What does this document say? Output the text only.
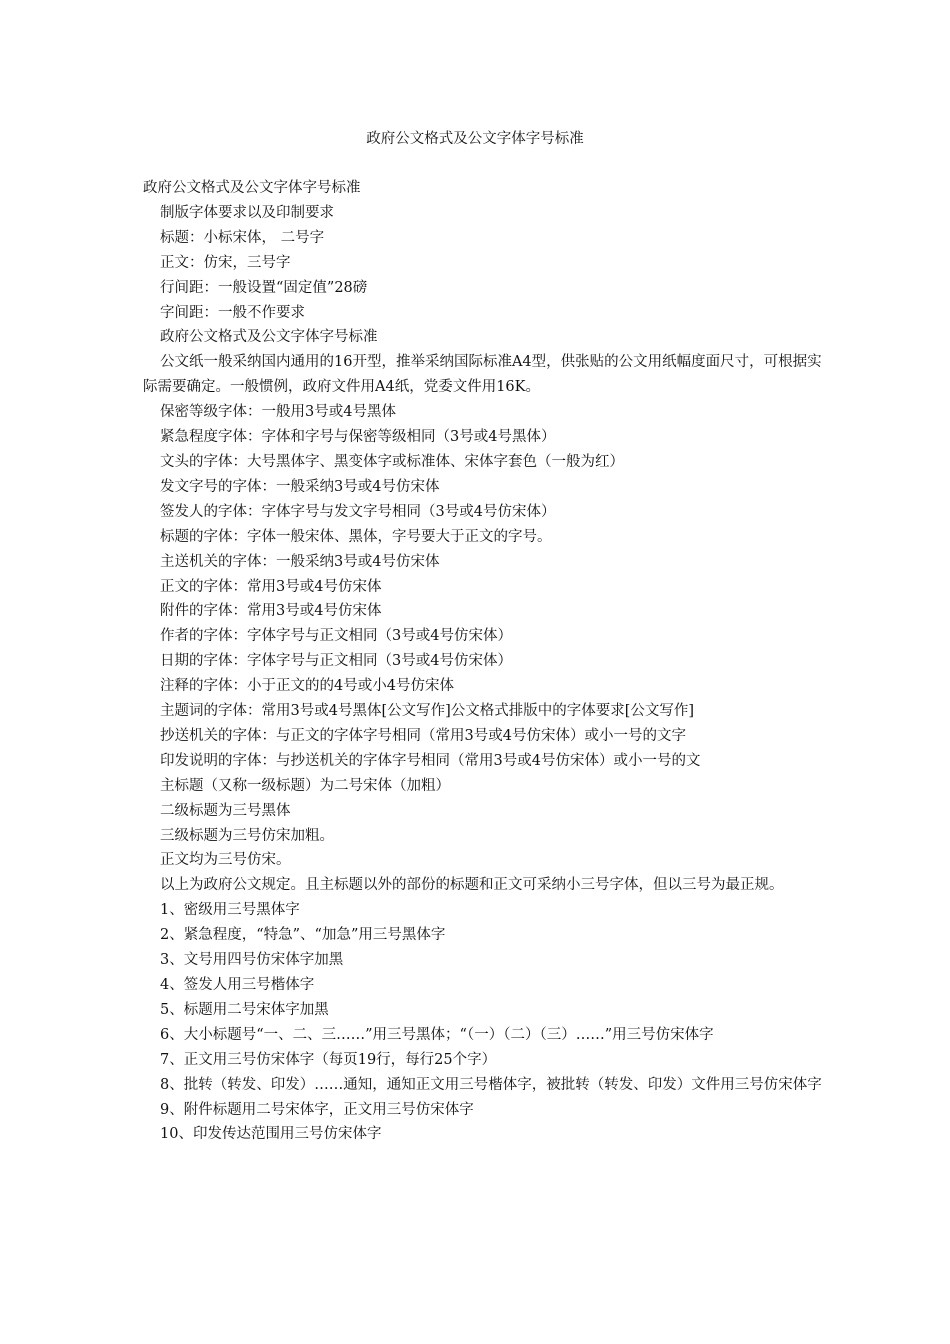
政府公文格式及公文字体字号标准

政府公文格式及公文字体字号标准

制版字体要求以及印制要求

标题：小标宋体， 二号字

正文：仿宋，三号字

行间距：一般设置“固定值”28磅

字间距：一般不作要求

政府公文格式及公文字体字号标准

公文纸一般采纳国内通用的16开型，推举采纳国际标准A4型，供张贴的公文用纸幅度面尺寸，可根据实际需要确定。一般惯例，政府文件用A4纸，党委文件用16K。

保密等级字体：一般用3号或4号黑体

紧急程度字体：字体和字号与保密等级相同（3号或4号黑体）

文头的字体：大号黑体字、黑变体字或标准体、宋体字套色（一般为红）

发文字号的字体：一般采纳3号或4号仿宋体

签发人的字体：字体字号与发文字号相同（3号或4号仿宋体）

标题的字体：字体一般宋体、黑体，字号要大于正文的字号。

主送机关的字体：一般采纳3号或4号仿宋体

正文的字体：常用3号或4号仿宋体

附件的字体：常用3号或4号仿宋体

作者的字体：字体字号与正文相同（3号或4号仿宋体）

日期的字体：字体字号与正文相同（3号或4号仿宋体）

注释的字体：小于正文的的4号或小4号仿宋体

主题词的字体：常用3号或4号黑体[公文写作]公文格式排版中的字体要求[公文写作]

抄送机关的字体：与正文的字体字号相同（常用3号或4号仿宋体）或小一号的文字

印发说明的字体：与抄送机关的字体字号相同（常用3号或4号仿宋体）或小一号的文

主标题（又称一级标题）为二号宋体（加粗）

二级标题为三号黑体

三级标题为三号仿宋加粗。

正文均为三号仿宋。

以上为政府公文规定。且主标题以外的部份的标题和正文可采纳小三号字体，但以三号为最正规。

1、密级用三号黑体字

2、紧急程度，“特急”、“加急”用三号黑体字

3、文号用四号仿宋体字加黑

4、签发人用三号楷体字

5、标题用二号宋体字加黑

6、大小标题号“一、二、三……”用三号黑体；“（一）（二）（三）……”用三号仿宋体字

7、正文用三号仿宋体字（每页19行，每行25个字）

8、批转（转发、印发）……通知，通知正文用三号楷体字，被批转（转发、印发）文件用三号仿宋体字

9、附件标题用二号宋体字，正文用三号仿宋体字

10、印发传达范围用三号仿宋体字
